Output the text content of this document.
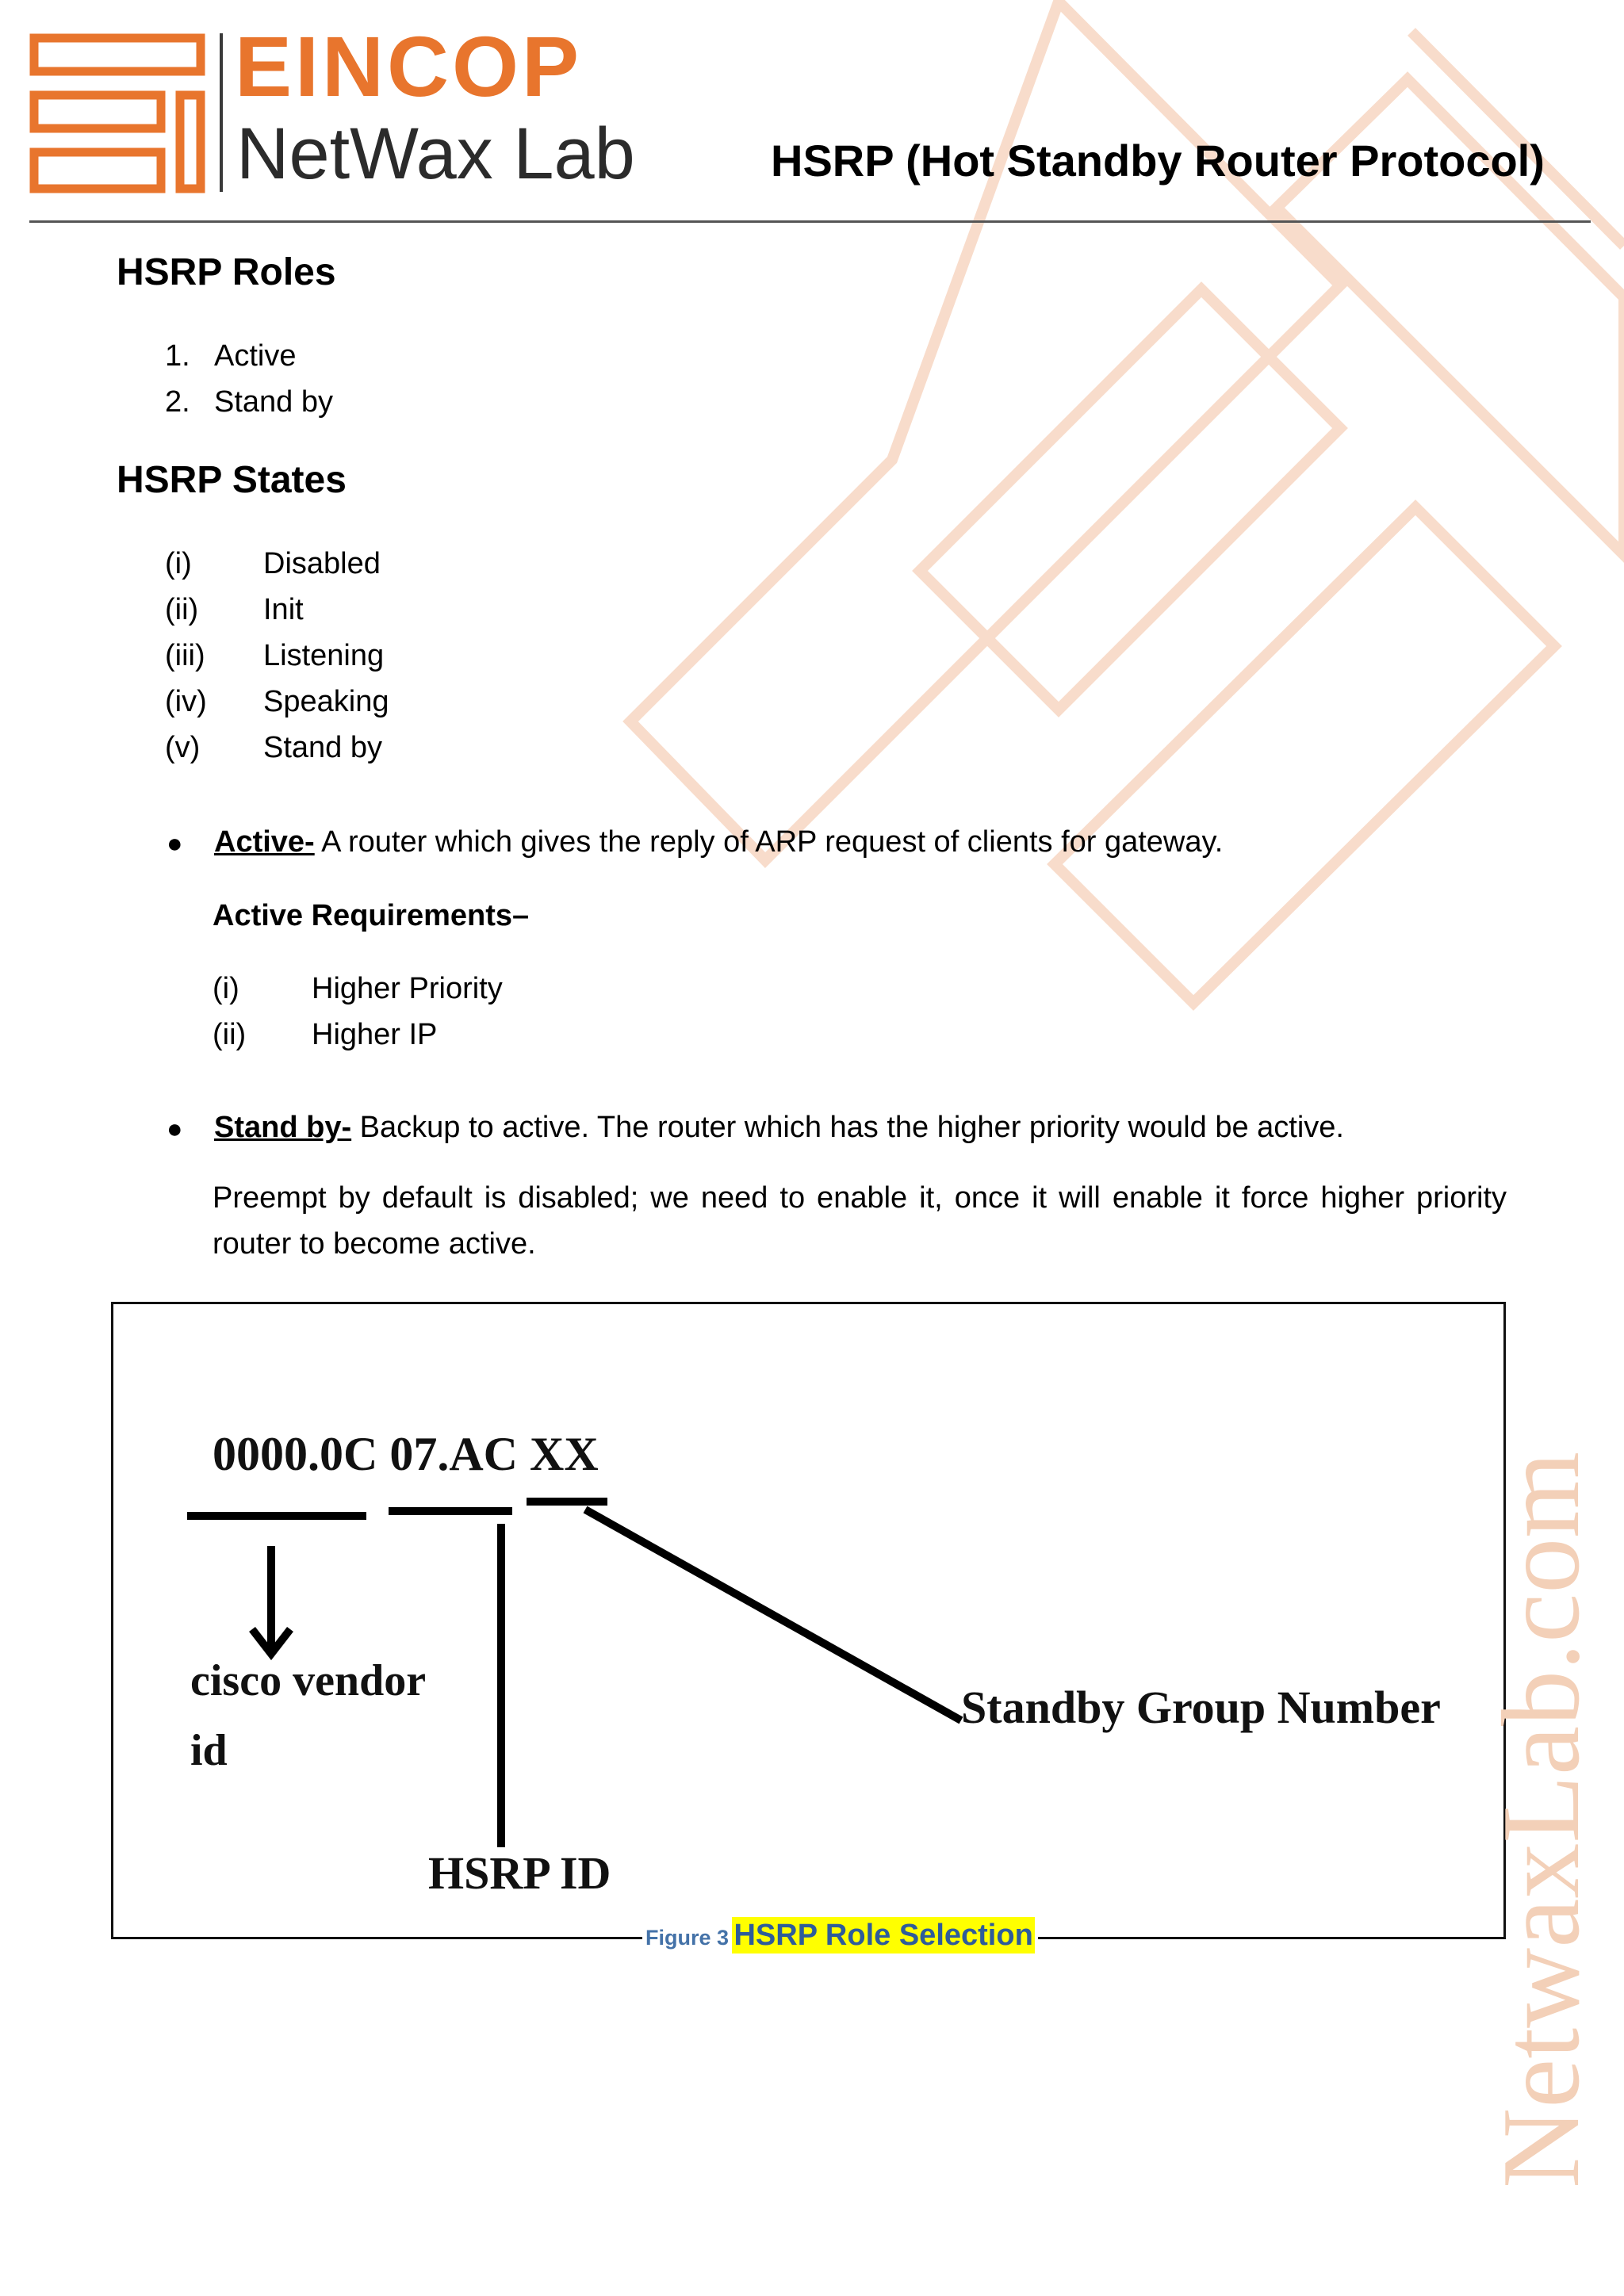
EINCOP
NetWax Lab	HSRP (Hot Standby Router Protocol)
HSRP Roles
1. Active
2. Stand by
HSRP States
(i) Disabled
(ii) Init
(iii) Listening
(iv) Speaking
(v) Stand by
● Active- A router which gives the reply of ARP request of clients for gateway.
Active Requirements–
(i) Higher Priority
(ii) Higher IP
● Stand by- Backup to active. The router which has the higher priority would be active.
Preempt by default is disabled; we need to enable it, once it will enable it force higher priority router to become active.
0000.0C 07.AC XX
cisco vendor
id
Standby Group Number
HSRP ID
Figure 3 HSRP Role Selection	NetwaxLab.com
